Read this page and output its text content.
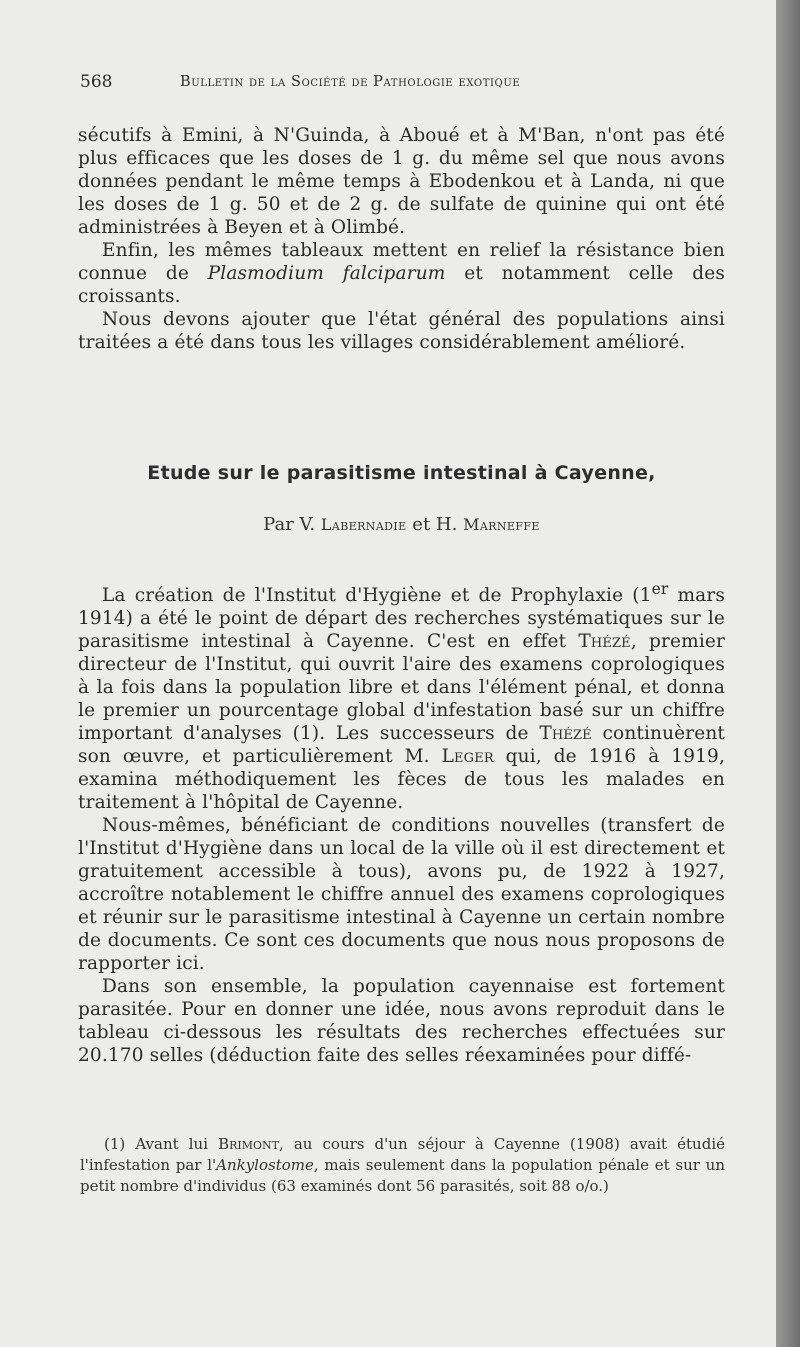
568	Bulletin de la Société de Pathologie exotique

sécutifs à Emini, à N'Guinda, à Aboué et à M'Ban, n'ont pas été plus efficaces que les doses de 1 g. du même sel que nous avons données pendant le même temps à Ebodenkou et à Landa, ni que les doses de 1 g. 50 et de 2 g. de sulfate de quinine qui ont été administrées à Beyen et à Olimbé.

Enfin, les mêmes tableaux mettent en relief la résistance bien connue de Plasmodium falciparum et notamment celle des croissants.

Nous devons ajouter que l'état général des populations ainsi traitées a été dans tous les villages considérablement amélioré.

Etude sur le parasitisme intestinal à Cayenne,
Par V. Labernadie et H. Marneffe

La création de l'Institut d'Hygiène et de Prophylaxie (1er mars 1914) a été le point de départ des recherches systématiques sur le parasitisme intestinal à Cayenne. C'est en effet Thézé, premier directeur de l'Institut, qui ouvrit l'aire des examens coprologiques à la fois dans la population libre et dans l'élément pénal, et donna le premier un pourcentage global d'infestation basé sur un chiffre important d'analyses (1). Les successeurs de Thézé continuèrent son œuvre, et particulièrement M. Leger qui, de 1916 à 1919, examina méthodiquement les fèces de tous les malades en traitement à l'hôpital de Cayenne.

Nous-mêmes, bénéficiant de conditions nouvelles (transfert de l'Institut d'Hygiène dans un local de la ville où il est directement et gratuitement accessible à tous), avons pu, de 1922 à 1927, accroître notablement le chiffre annuel des examens coprologiques et réunir sur le parasitisme intestinal à Cayenne un certain nombre de documents. Ce sont ces documents que nous nous proposons de rapporter ici.

Dans son ensemble, la population cayennaise est fortement parasitée. Pour en donner une idée, nous avons reproduit dans le tableau ci-dessous les résultats des recherches effectuées sur 20.170 selles (déduction faite des selles réexaminées pour diffé-

(1) Avant lui Brimont, au cours d'un séjour à Cayenne (1908) avait étudié l'infestation par l'Ankylostome, mais seulement dans la population pénale et sur un petit nombre d'individus (63 examinés dont 56 parasités, soit 88 o/o.)
